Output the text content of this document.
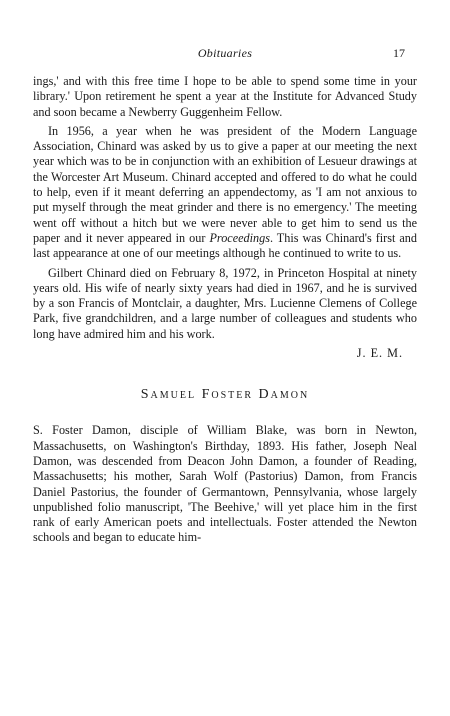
Obituaries	17

ings,' and with this free time I hope to be able to spend some time in your library.' Upon retirement he spent a year at the Institute for Advanced Study and soon became a Newberry Guggenheim Fellow.

In 1956, a year when he was president of the Modern Language Association, Chinard was asked by us to give a paper at our meeting the next year which was to be in conjunction with an exhibition of Lesueur drawings at the Worcester Art Museum. Chinard accepted and offered to do what he could to help, even if it meant deferring an appendectomy, as 'I am not anxious to put myself through the meat grinder and there is no emergency.' The meeting went off without a hitch but we were never able to get him to send us the paper and it never appeared in our Proceedings. This was Chinard's first and last appearance at one of our meetings although he continued to write to us.

Gilbert Chinard died on February 8, 1972, in Princeton Hospital at ninety years old. His wife of nearly sixty years had died in 1967, and he is survived by a son Francis of Montclair, a daughter, Mrs. Lucienne Clemens of College Park, five grandchildren, and a large number of colleagues and students who long have admired him and his work.

J. E. M.
Samuel Foster Damon

S. Foster Damon, disciple of William Blake, was born in Newton, Massachusetts, on Washington's Birthday, 1893. His father, Joseph Neal Damon, was descended from Deacon John Damon, a founder of Reading, Massachusetts; his mother, Sarah Wolf (Pastorius) Damon, from Francis Daniel Pastorius, the founder of Germantown, Pennsylvania, whose largely unpublished folio manuscript, 'The Beehive,' will yet place him in the first rank of early American poets and intellectuals. Foster attended the Newton schools and began to educate him-
